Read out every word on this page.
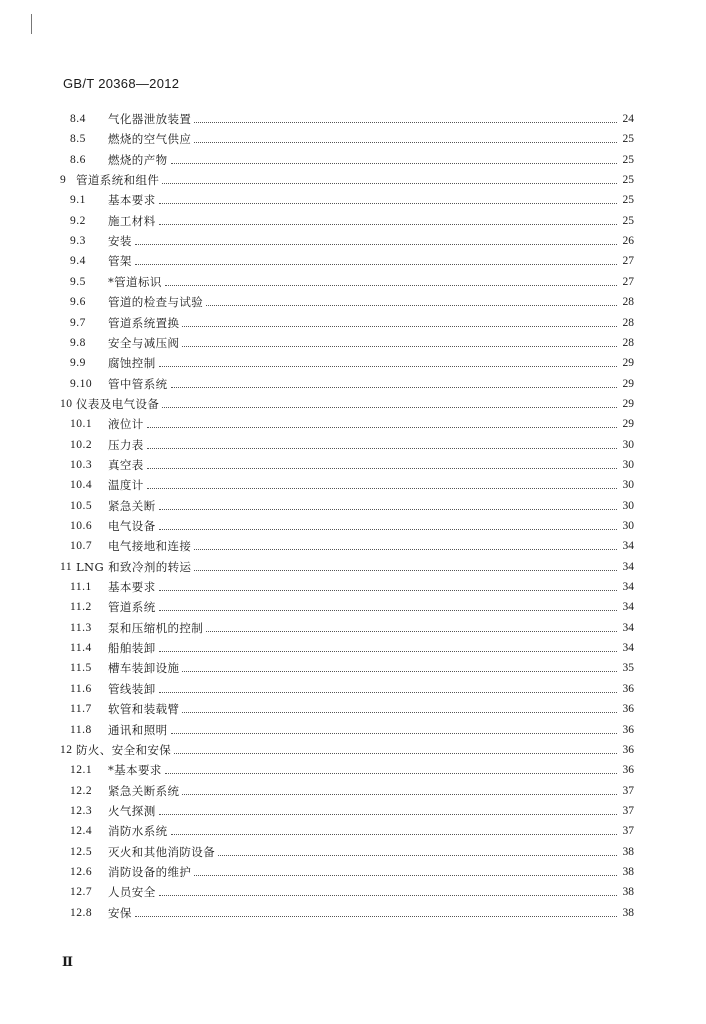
GB/T 20368—2012
8.4	气化器泄放装置	24
8.5	燃烧的空气供应	25
8.6	燃烧的产物	25
9 管道系统和组件	25
9.1	基本要求	25
9.2	施工材料	25
9.3	安装	26
9.4	管架	27
9.5	*管道标识	27
9.6	管道的检查与试验	28
9.7	管道系统置换	28
9.8	安全与减压阀	28
9.9	腐蚀控制	29
9.10	管中管系统	29
10 仪表及电气设备	29
10.1	液位计	29
10.2	压力表	30
10.3	真空表	30
10.4	温度计	30
10.5	紧急关断	30
10.6	电气设备	30
10.7	电气接地和连接	34
11 LNG 和致冷剂的转运	34
11.1	基本要求	34
11.2	管道系统	34
11.3	泵和压缩机的控制	34
11.4	船舶装卸	34
11.5	槽车装卸设施	35
11.6	管线装卸	36
11.7	软管和装载臂	36
11.8	通讯和照明	36
12 防火、安全和安保	36
12.1	*基本要求	36
12.2	紧急关断系统	37
12.3	火气探测	37
12.4	消防水系统	37
12.5	灭火和其他消防设备	38
12.6	消防设备的维护	38
12.7	人员安全	38
12.8	安保	38
Ⅱ
